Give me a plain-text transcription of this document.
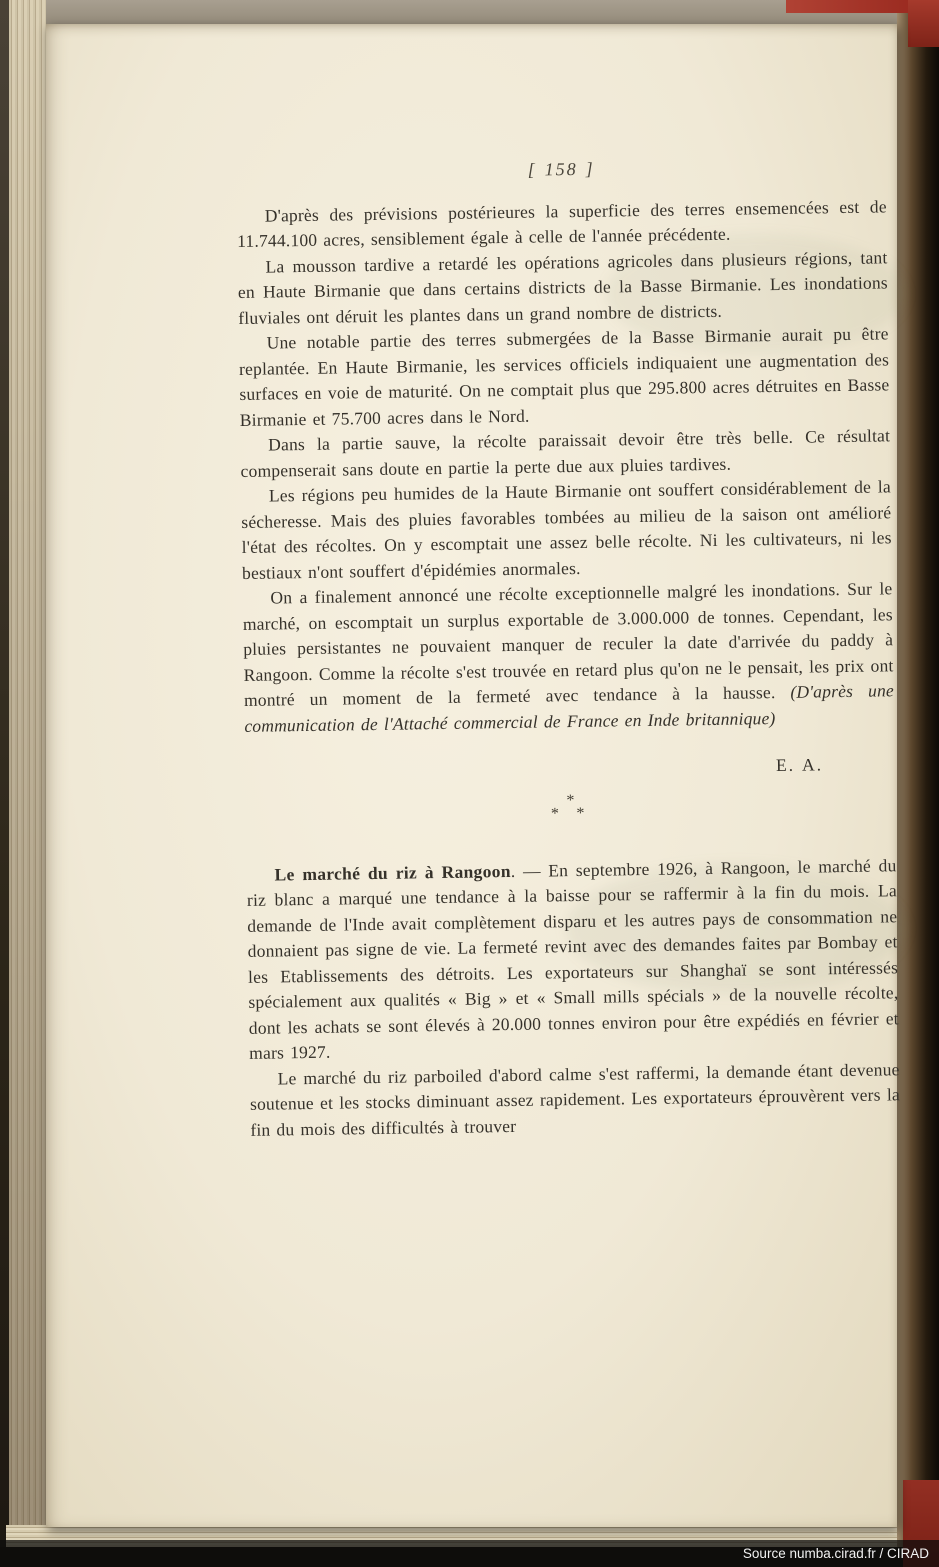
[ 158 ]

D'après des prévisions postérieures la superficie des terres ensemencées est de 11.744.100 acres, sensiblement égale à celle de l'année précédente.

La mousson tardive a retardé les opérations agricoles dans plusieurs régions, tant en Haute Birmanie que dans certains districts de la Basse Birmanie. Les inondations fluviales ont déruit les plantes dans un grand nombre de districts.

Une notable partie des terres submergées de la Basse Birmanie aurait pu être replantée. En Haute Birmanie, les services officiels indiquaient une augmentation des surfaces en voie de maturité. On ne comptait plus que 295.800 acres détruites en Basse Birmanie et 75.700 acres dans le Nord.

Dans la partie sauve, la récolte paraissait devoir être très belle. Ce résultat compenserait sans doute en partie la perte due aux pluies tardives.

Les régions peu humides de la Haute Birmanie ont souffert considérablement de la sécheresse. Mais des pluies favorables tombées au milieu de la saison ont amélioré l'état des récoltes. On y escomptait une assez belle récolte. Ni les cultivateurs, ni les bestiaux n'ont souffert d'épidémies anormales.

On a finalement annoncé une récolte exceptionnelle malgré les inondations. Sur le marché, on escomptait un surplus exportable de 3.000.000 de tonnes. Cependant, les pluies persistantes ne pouvaient manquer de reculer la date d'arrivée du paddy à Rangoon. Comme la récolte s'est trouvée en retard plus qu'on ne le pensait, les prix ont montré un moment de la fermeté avec tendance à la hausse. (D'après une communication de l'Attaché commercial de France en Inde britannique)

E. A.
*
* *

Le marché du riz à Rangoon. — En septembre 1926, à Rangoon, le marché du riz blanc a marqué une tendance à la baisse pour se raffermir à la fin du mois. La demande de l'Inde avait complètement disparu et les autres pays de consommation ne donnaient pas signe de vie. La fermeté revint avec des demandes faites par Bombay et les Etablissements des détroits. Les exportateurs sur Shanghaï se sont intéressés spécialement aux qualités « Big » et « Small mills spécials » de la nouvelle récolte, dont les achats se sont élevés à 20.000 tonnes environ pour être expédiés en février et mars 1927.

Le marché du riz parboiled d'abord calme s'est raffermi, la demande étant devenue soutenue et les stocks diminuant assez rapidement. Les exportateurs éprouvèrent vers la fin du mois des difficultés à trouver

Source numba.cirad.fr / CIRAD
